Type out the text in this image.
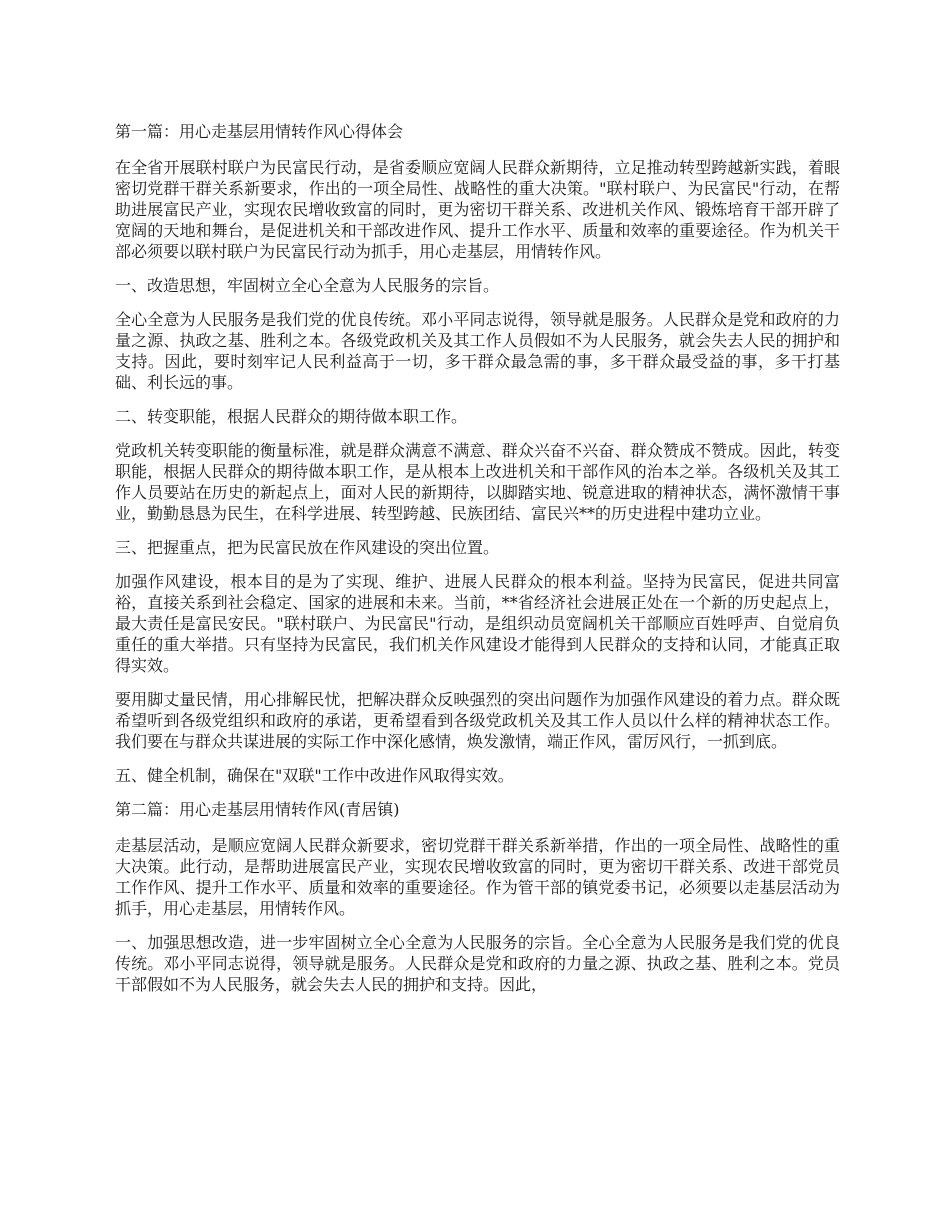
第一篇：用心走基层用情转作风心得体会

在全省开展联村联户为民富民行动，是省委顺应宽阔人民群众新期待，立足推动转型跨越新实践，着眼密切党群干群关系新要求，作出的一项全局性、战略性的重大决策。"联村联户、为民富民"行动，在帮助进展富民产业，实现农民增收致富的同时，更为密切干群关系、改进机关作风、锻炼培育干部开辟了宽阔的天地和舞台，是促进机关和干部改进作风、提升工作水平、质量和效率的重要途径。作为机关干部必须要以联村联户为民富民行动为抓手，用心走基层，用情转作风。

一、改造思想，牢固树立全心全意为人民服务的宗旨。

全心全意为人民服务是我们党的优良传统。邓小平同志说得，领导就是服务。人民群众是党和政府的力量之源、执政之基、胜利之本。各级党政机关及其工作人员假如不为人民服务，就会失去人民的拥护和支持。因此，要时刻牢记人民利益高于一切，多干群众最急需的事，多干群众最受益的事，多干打基础、利长远的事。

二、转变职能，根据人民群众的期待做本职工作。

党政机关转变职能的衡量标准，就是群众满意不满意、群众兴奋不兴奋、群众赞成不赞成。因此，转变职能，根据人民群众的期待做本职工作，是从根本上改进机关和干部作风的治本之举。各级机关及其工作人员要站在历史的新起点上，面对人民的新期待，以脚踏实地、锐意进取的精神状态，满怀激情干事业，勤勤恳恳为民生，在科学进展、转型跨越、民族团结、富民兴**的历史进程中建功立业。

三、把握重点，把为民富民放在作风建设的突出位置。

加强作风建设，根本目的是为了实现、维护、进展人民群众的根本利益。坚持为民富民，促进共同富裕，直接关系到社会稳定、国家的进展和未来。当前，**省经济社会进展正处在一个新的历史起点上，最大责任是富民安民。"联村联户、为民富民"行动，是组织动员宽阔机关干部顺应百姓呼声、自觉肩负重任的重大举措。只有坚持为民富民，我们机关作风建设才能得到人民群众的支持和认同，才能真正取得实效。

要用脚丈量民情，用心排解民忧，把解决群众反映强烈的突出问题作为加强作风建设的着力点。群众既希望听到各级党组织和政府的承诺，更希望看到各级党政机关及其工作人员以什么样的精神状态工作。我们要在与群众共谋进展的实际工作中深化感情，焕发激情，端正作风，雷厉风行，一抓到底。

五、健全机制，确保在"双联"工作中改进作风取得实效。

第二篇：用心走基层用情转作风(青居镇)

走基层活动，是顺应宽阔人民群众新要求，密切党群干群关系新举措，作出的一项全局性、战略性的重大决策。此行动，是帮助进展富民产业，实现农民增收致富的同时，更为密切干群关系、改进干部党员工作作风、提升工作水平、质量和效率的重要途径。作为管干部的镇党委书记，必须要以走基层活动为抓手，用心走基层，用情转作风。

一、加强思想改造，进一步牢固树立全心全意为人民服务的宗旨。全心全意为人民服务是我们党的优良传统。邓小平同志说得，领导就是服务。人民群众是党和政府的力量之源、执政之基、胜利之本。党员干部假如不为人民服务，就会失去人民的拥护和支持。因此，
